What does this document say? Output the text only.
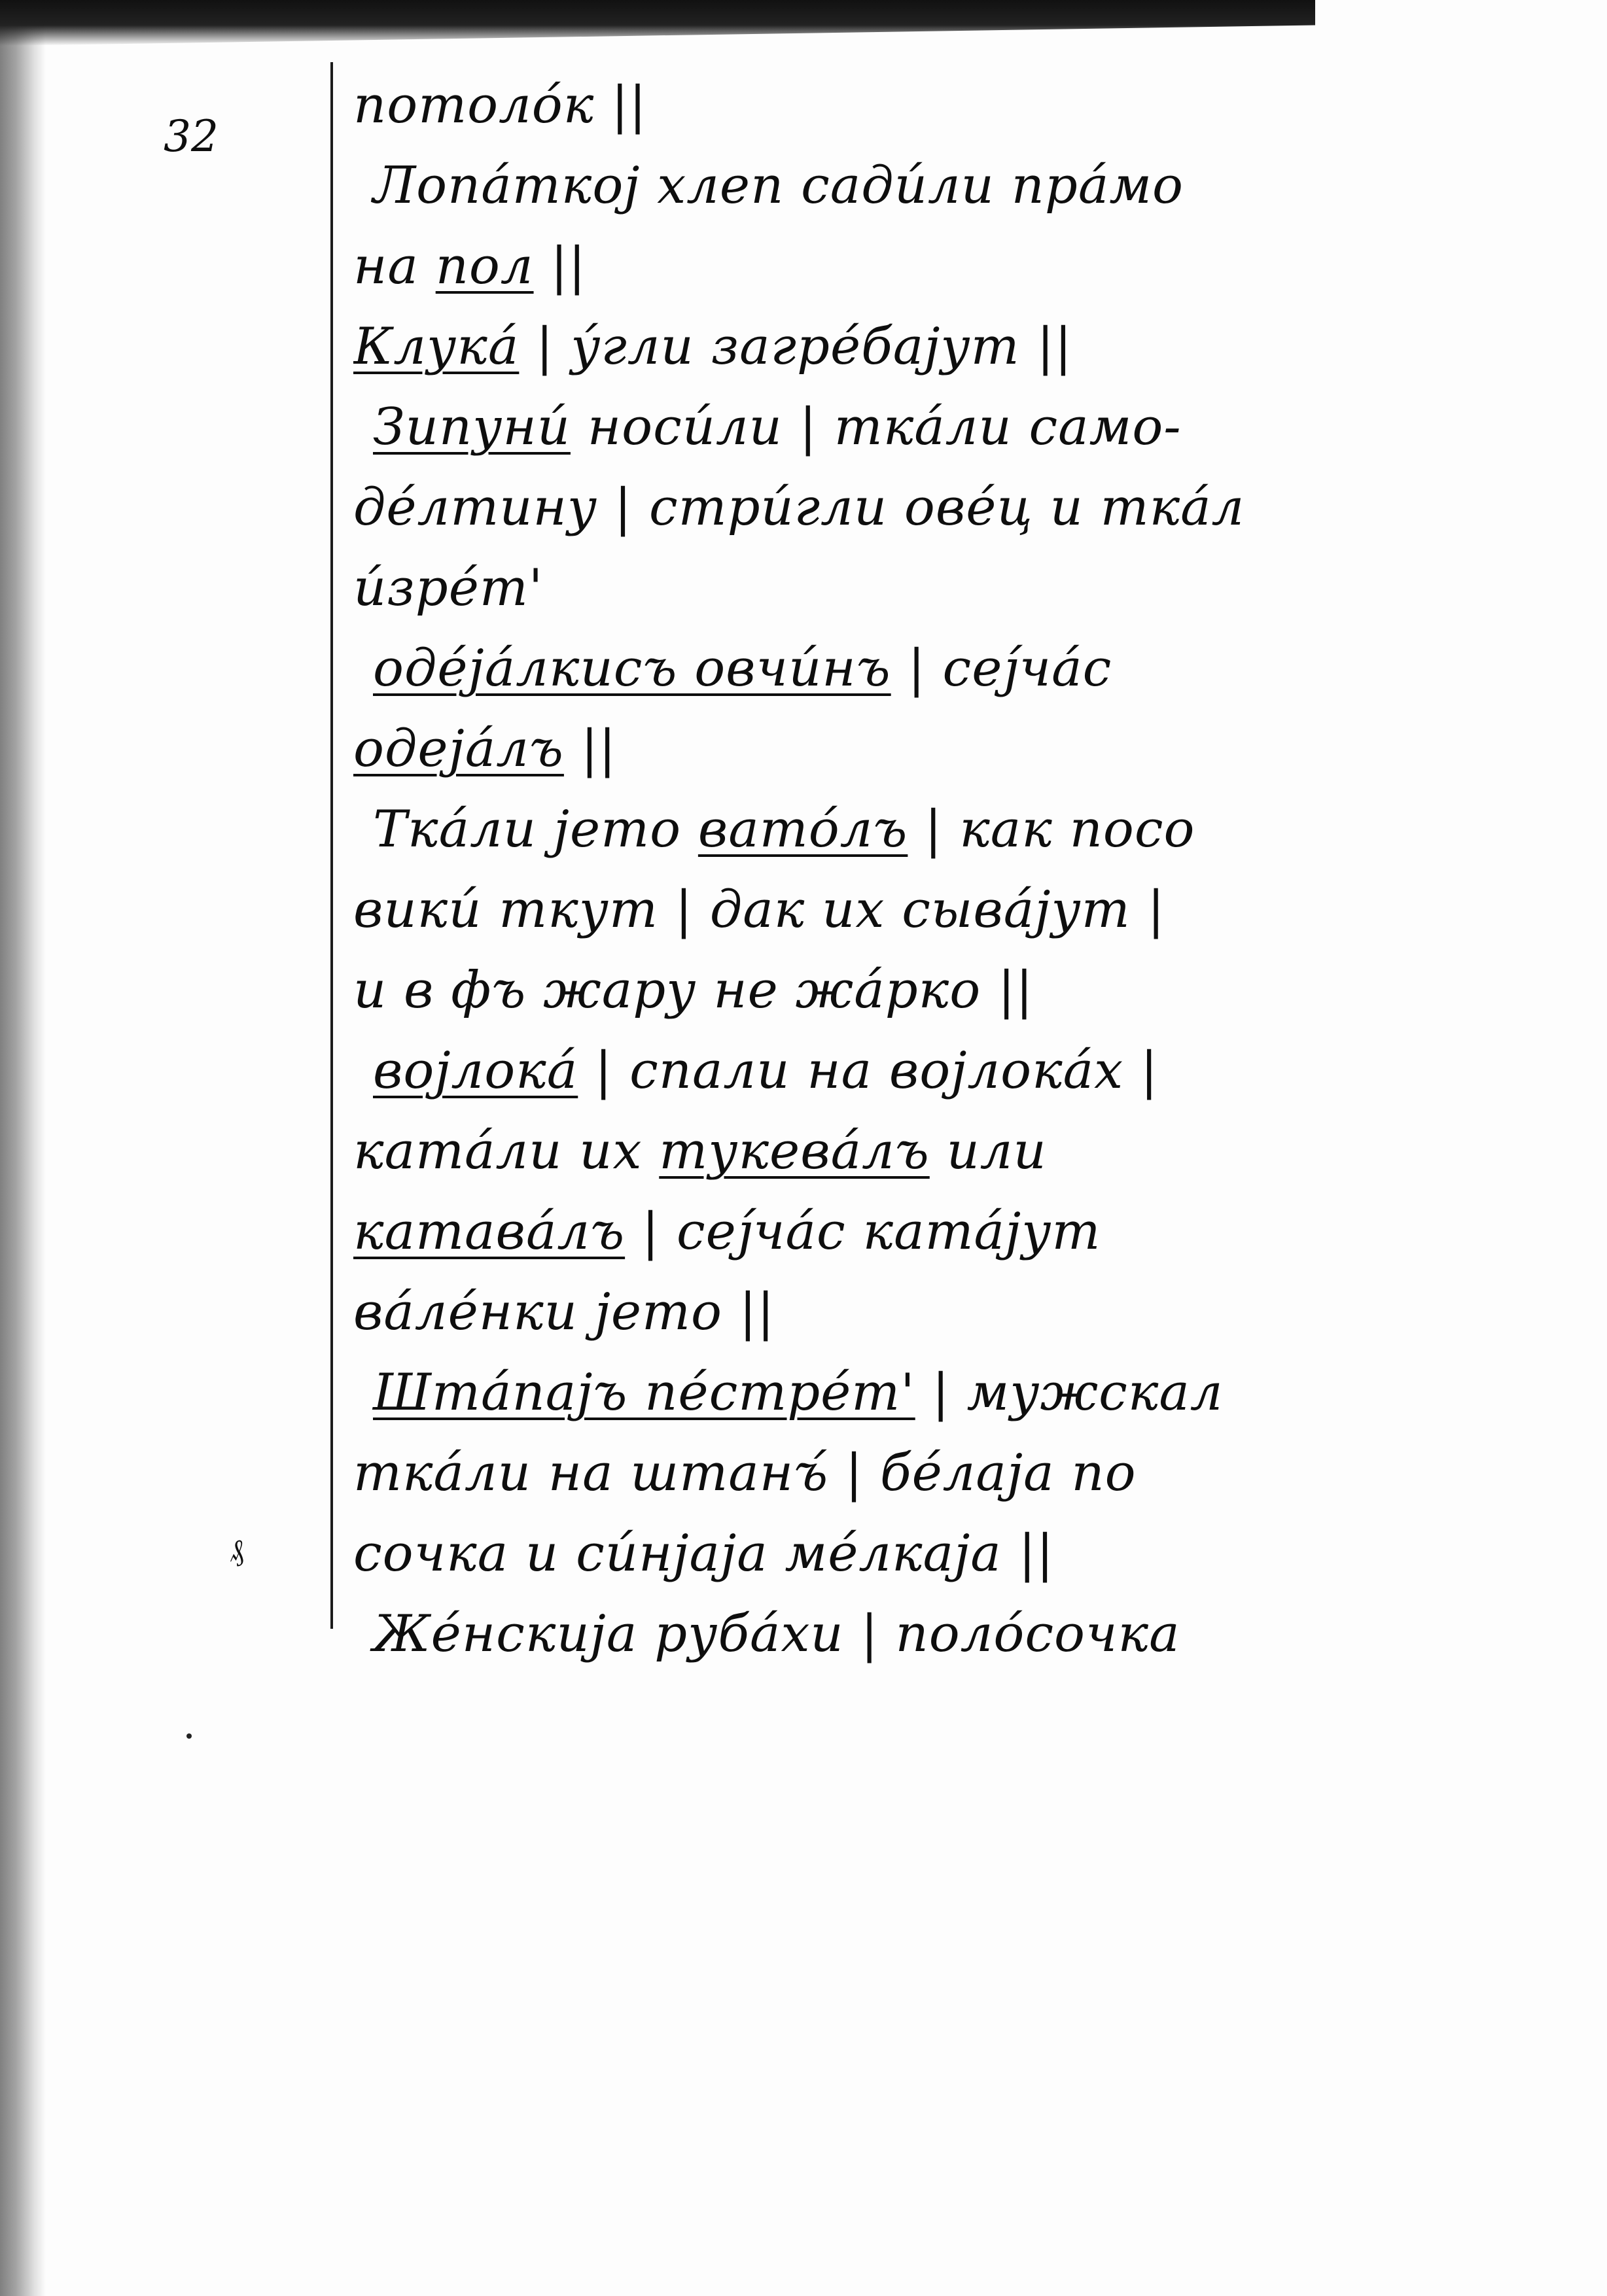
32
₰
потоло́к ||
Лопа́ткој хлеп сади́ли пра́мо
на пол ||
Клука́ | у́гли загре́бајут ||
Зипуни́ носи́ли | тка́ли само-
де́лтину | стри́гли ове́ц и тка́л
и́зре́т'
оде́ја́лкисъ овчи́нъ | сеј́ча́с
одеја́лъ ||
Тка́ли јето вато́лъ | как посо
вики́ ткут | дак их сыва́јут |
и в фъ жару не жа́рко ||
војлока́ | спали на војлока́х |
ката́ли их тукева́лъ или
катава́лъ | сеј́ча́с ката́јут
ва́ле́нки јето ||
Шта́пајъ пе́стре́т' | мужскал
тка́ли на штанъ́ | бе́лаја по
сочка и си́нјаја ме́лкаја ||
Же́нскија руба́хи | поло́сочка
